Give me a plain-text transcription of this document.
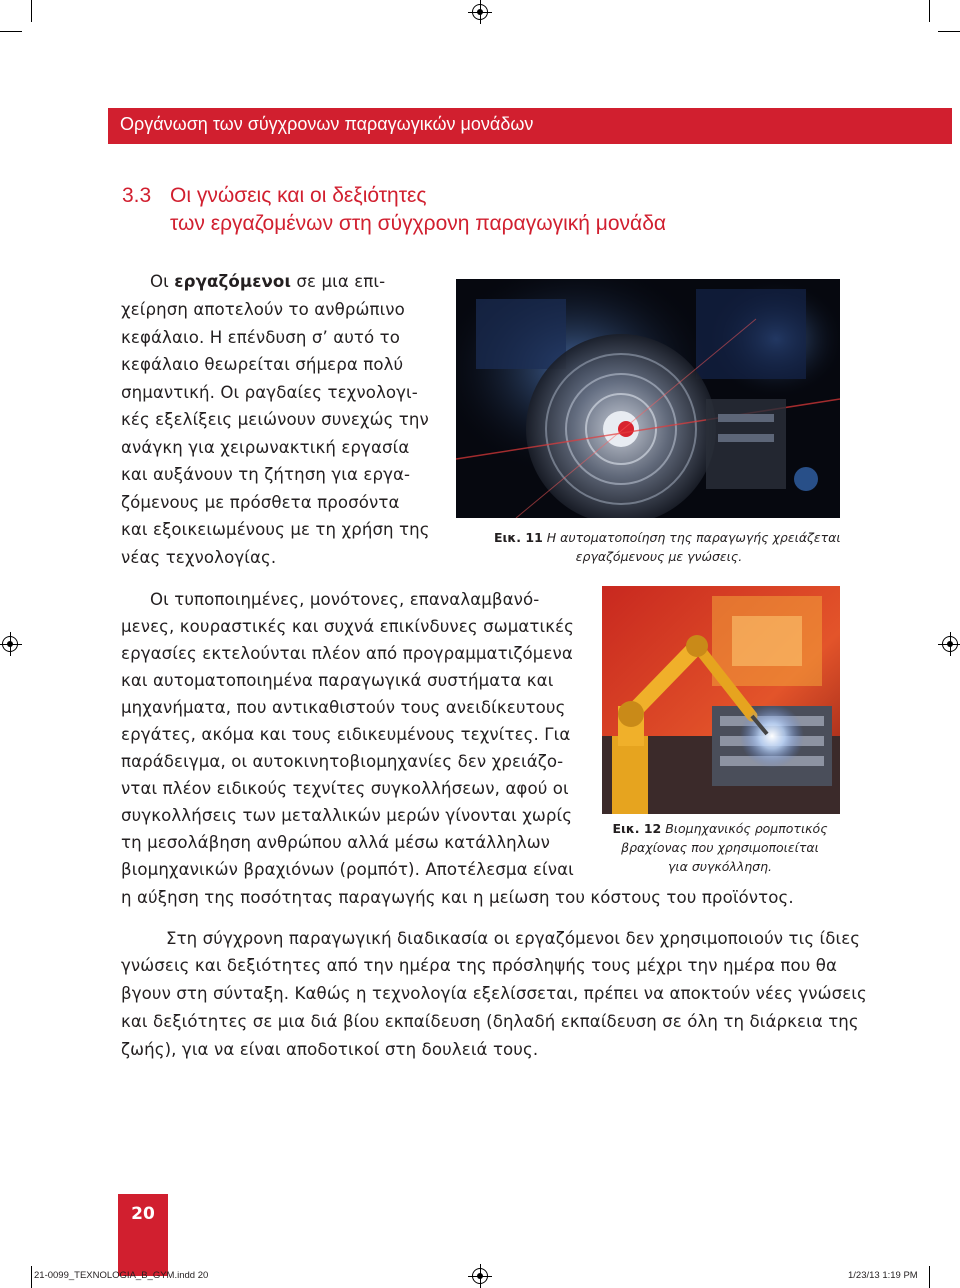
Οργάνωση των σύγχρονων παραγωγικών μονάδων
3.3 Οι γνώσεις και οι δεξιότητες
των εργαζομένων στη σύγχρονη παραγωγική μονάδα
Οι εργαζόμενοι σε μια επι-
χείρηση αποτελούν το ανθρώπινο
κεφάλαιο. Η επένδυση σ’ αυτό το
κεφάλαιο θεωρείται σήμερα πολύ
σημαντική. Οι ραγδαίες τεχνολογι-
κές εξελίξεις μειώνουν συνεχώς την
ανάγκη για χειρωνακτική εργασία
και αυξάνουν τη ζήτηση για εργα-
ζόμενους με πρόσθετα προσόντα
και εξοικειωμένους με τη χρήση της
νέας τεχνολογίας.
Εικ. 11 Η αυτοματοποίηση της παραγωγής χρειάζεται
εργαζόμενους με γνώσεις.
Οι τυποποιημένες, μονότονες, επαναλαμβανό-
μενες, κουραστικές και συχνά επικίνδυνες σωματικές
εργασίες εκτελούνται πλέον από προγραμματιζόμενα
και αυτοματοποιημένα παραγωγικά συστήματα και
μηχανήματα, που αντικαθιστούν τους ανειδίκευτους
εργάτες, ακόμα και τους ειδικευμένους τεχνίτες. Για
παράδειγμα, οι αυτοκινητοβιομηχανίες δεν χρειάζο-
νται πλέον ειδικούς τεχνίτες συγκολλήσεων, αφού οι
συγκολλήσεις των μεταλλικών μερών γίνονται χωρίς
τη μεσολάβηση ανθρώπου αλλά μέσω κατάλληλων
βιομηχανικών βραχιόνων (ρομπότ). Αποτέλεσμα είναι
η αύξηση της ποσότητας παραγωγής και η μείωση του κόστους του προϊόντος.
Εικ. 12 Βιομηχανικός ρομποτικός
βραχίονας που χρησιμοποιείται
για συγκόλληση.
Στη σύγχρονη παραγωγική διαδικασία οι εργαζόμενοι δεν χρησιμοποιούν τις ίδιες
γνώσεις και δεξιότητες από την ημέρα της πρόσληψής τους μέχρι την ημέρα που θα
βγουν στη σύνταξη. Καθώς η τεχνολογία εξελίσσεται, πρέπει να αποκτούν νέες γνώσεις
και δεξιότητες σε μια διά βίου εκπαίδευση (δηλαδή εκπαίδευση σε όλη τη διάρκεια της
ζωής), για να είναι αποδοτικοί στη δουλειά τους.
20
21-0099_TEXNOLOGIA_B_GYM.indd 20	1/23/13 1:19 PM
